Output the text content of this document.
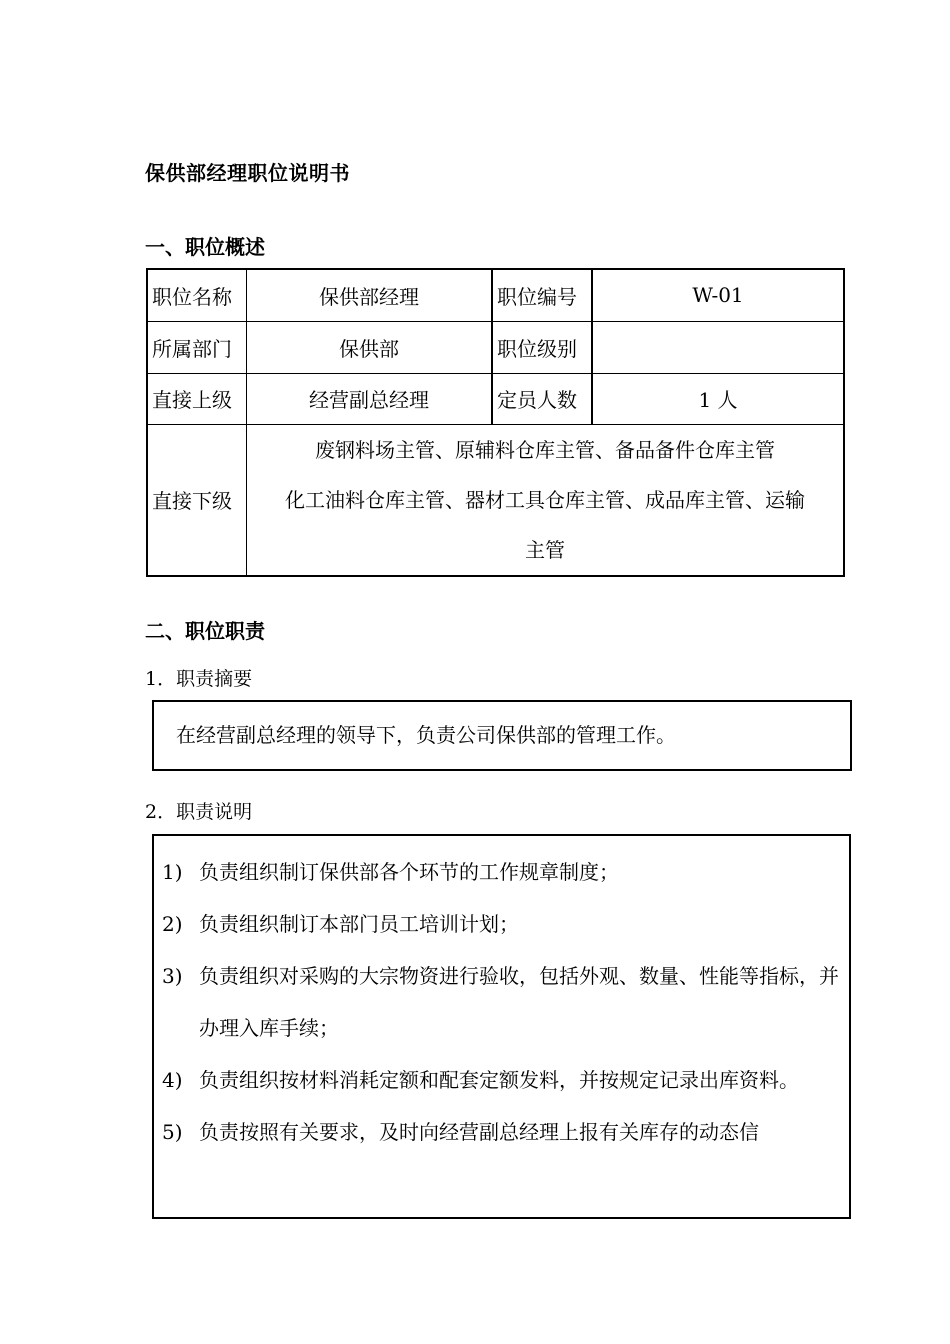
保供部经理职位说明书
一、职位概述
职位名称	保供部经理	职位编号	W-01
所属部门	保供部	职位级别	
直接上级	经营副总经理	定员人数	1 人
直接下级	废钢料场主管、原辅料仓库主管、备品备件仓库主管
化工油料仓库主管、器材工具仓库主管、成品库主管、运输
主管		
二、职位职责
1．职责摘要
在经营副总经理的领导下，负责公司保供部的管理工作。
2．职责说明
1) 负责组织制订保供部各个环节的工作规章制度；
2) 负责组织制订本部门员工培训计划；
3) 负责组织对采购的大宗物资进行验收，包括外观、数量、性能等指标，并办理入库手续；
4) 负责组织按材料消耗定额和配套定额发料，并按规定记录出库资料。
5) 负责按照有关要求，及时向经营副总经理上报有关库存的动态信
